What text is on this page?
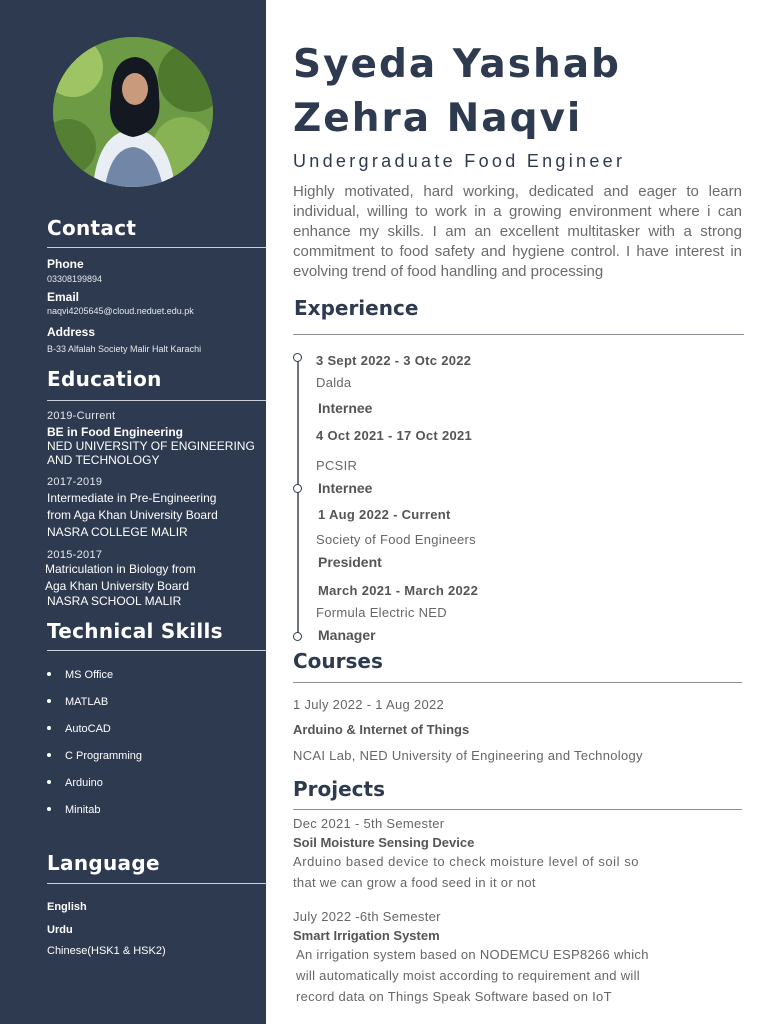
Contact
Phone
03308199894
Email
naqvi4205645@cloud.neduet.edu.pk
Address
B-33 Alfalah Society Malir Halt Karachi
Education
2019-Current
BE in Food Engineering
NED UNIVERSITY OF ENGINEERING
AND TECHNOLOGY
2017-2019
Intermediate in Pre-Engineering
from Aga Khan University Board
NASRA COLLEGE MALIR
2015-2017
Matriculation in Biology from
Aga Khan University Board
NASRA SCHOOL MALIR
Technical Skills
MS Office
MATLAB
AutoCAD
C Programming
Arduino
Minitab
Language
English
Urdu
Chinese(HSK1 & HSK2)
Syeda Yashab
Zehra Naqvi
Undergraduate Food Engineer
Highly motivated, hard working, dedicated and eager to learn individual, willing to work in a growing environment where i can enhance my skills. I am an excellent multitasker with a strong commitment to food safety and hygiene control. I have interest in evolving trend of food handling and processing
Experience
3 Sept 2022 - 3 Otc 2022
Dalda
Internee
4 Oct 2021 - 17 Oct 2021
PCSIR
Internee
1 Aug 2022 - Current
Society of Food Engineers
President
March 2021 - March 2022
Formula Electric NED
Manager
Courses
1 July 2022 - 1 Aug 2022
Arduino & Internet of Things
NCAI Lab, NED University of Engineering and Technology
Projects
Dec 2021 - 5th Semester
Soil Moisture Sensing Device
Arduino based device to check moisture level of soil so
that we can grow a food seed in it or not
July 2022 -6th Semester
Smart Irrigation System
An irrigation system based on NODEMCU ESP8266 which
will automatically moist according to requirement and will
record data on Things Speak Software based on IoT
